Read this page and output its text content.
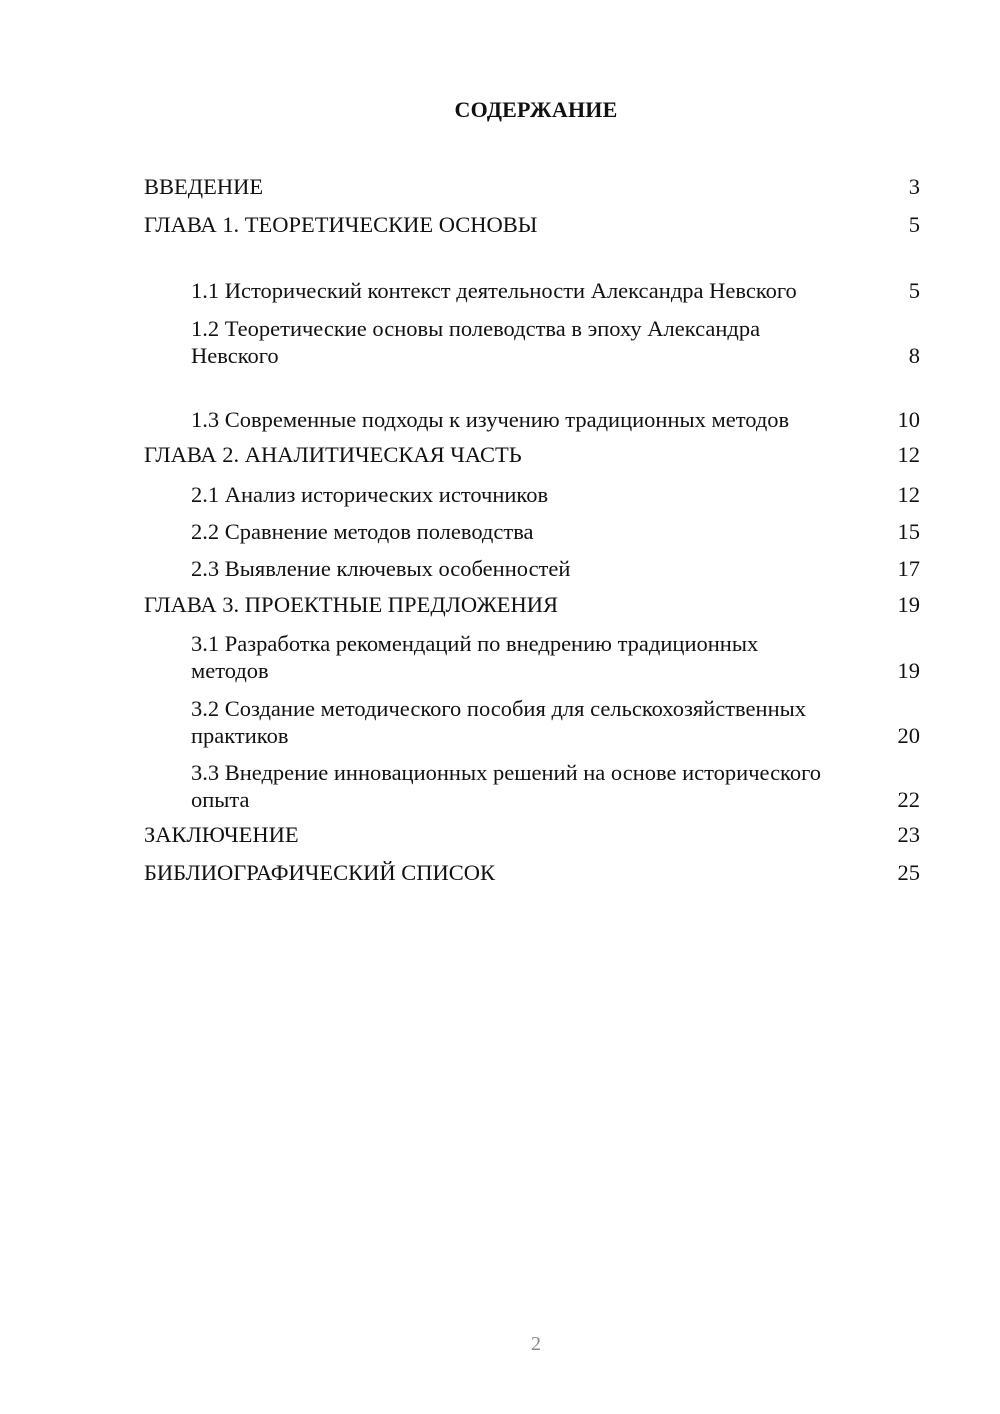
СОДЕРЖАНИЕ
ВВЕДЕНИЕ	3
ГЛАВА 1. ТЕОРЕТИЧЕСКИЕ ОСНОВЫ	5
1.1 Исторический контекст деятельности Александра Невского	5
1.2 Теоретические основы полеводства в эпоху Александра Невского	8
1.3 Современные подходы к изучению традиционных методов	10
ГЛАВА 2. АНАЛИТИЧЕСКАЯ ЧАСТЬ	12
2.1 Анализ исторических источников	12
2.2 Сравнение методов полеводства	15
2.3 Выявление ключевых особенностей	17
ГЛАВА 3. ПРОЕКТНЫЕ ПРЕДЛОЖЕНИЯ	19
3.1 Разработка рекомендаций по внедрению традиционных методов	19
3.2 Создание методического пособия для сельскохозяйственных практиков	20
3.3 Внедрение инновационных решений на основе исторического опыта	22
ЗАКЛЮЧЕНИЕ	23
БИБЛИОГРАФИЧЕСКИЙ СПИСОК	25
2
